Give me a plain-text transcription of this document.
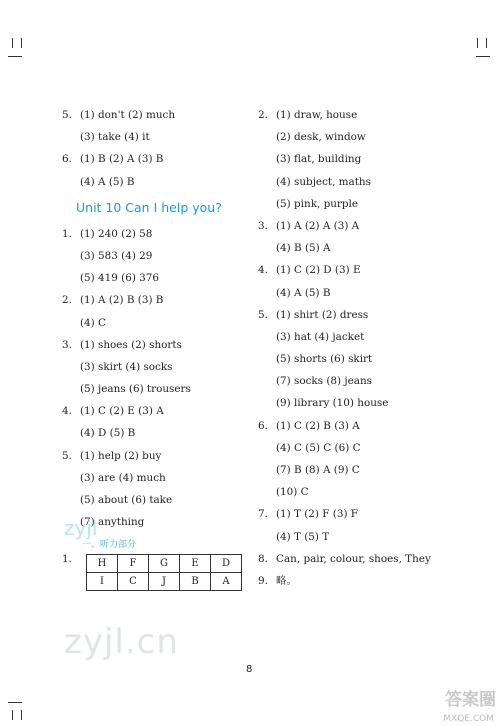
5. (1) don't (2) much
(3) take (4) it
6. (1) B (2) A (3) B
(4) A (5) B
Unit 10 Can I help you?
1. (1) 240 (2) 58
(3) 583 (4) 29
(5) 419 (6) 376
2. (1) A (2) B (3) B
(4) C
3. (1) shoes (2) shorts
(3) skirt (4) socks
(5) jeans (6) trousers
4. (1) C (2) E (3) A
(4) D (5) B
5. (1) help (2) buy
(3) are (4) much
(5) about (6) take
(7) anything
2. (1) draw, house
(2) desk, window
(3) flat, building
(4) subject, maths
(5) pink, purple
3. (1) A (2) A (3) A
(4) B (5) A
4. (1) C (2) D (3) E
(4) A (5) B
5. (1) shirt (2) dress
(3) hat (4) jacket
(5) shorts (6) skirt
(7) socks (8) jeans
(9) library (10) house
6. (1) C (2) B (3) A
(4) C (5) C (6) C
(7) B (8) A (9) C
(10) C
7. (1) T (2) F (3) F
(4) T (5) T
8. Can, pair, colour, shoes, They
9. 略。
zyjl
一、听力部分
1.	H	F	G	E	D
I	C	J	B	A
zyjl.cn
8
答案圈
MXQE.COM
